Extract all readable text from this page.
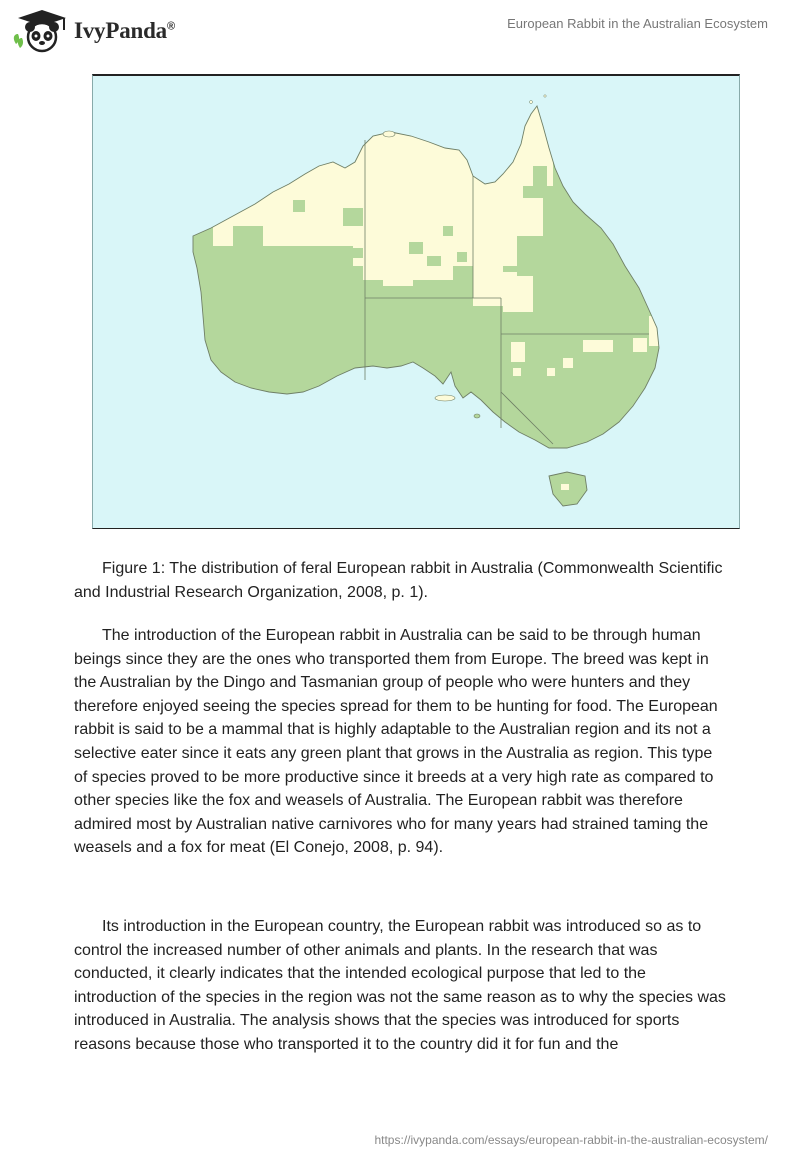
IvyPanda®	European Rabbit in the Australian Ecosystem

Figure 1: The distribution of feral European rabbit in Australia (Commonwealth Scientific and Industrial Research Organization, 2008, p. 1).

The introduction of the European rabbit in Australia can be said to be through human beings since they are the ones who transported them from Europe. The breed was kept in the Australian by the Dingo and Tasmanian group of people who were hunters and they therefore enjoyed seeing the species spread for them to be hunting for food. The European rabbit is said to be a mammal that is highly adaptable to the Australian region and its not a selective eater since it eats any green plant that grows in the Australia as region. This type of species proved to be more productive since it breeds at a very high rate as compared to other species like the fox and weasels of Australia. The European rabbit was therefore admired most by Australian native carnivores who for many years had strained taming the weasels and a fox for meat (El Conejo, 2008, p. 94).

Its introduction in the European country, the European rabbit was introduced so as to control the increased number of other animals and plants. In the research that was conducted, it clearly indicates that the intended ecological purpose that led to the introduction of the species in the region was not the same reason as to why the species was introduced in Australia. The analysis shows that the species was introduced for sports reasons because those who transported it to the country did it for fun and the

https://ivypanda.com/essays/european-rabbit-in-the-australian-ecosystem/
